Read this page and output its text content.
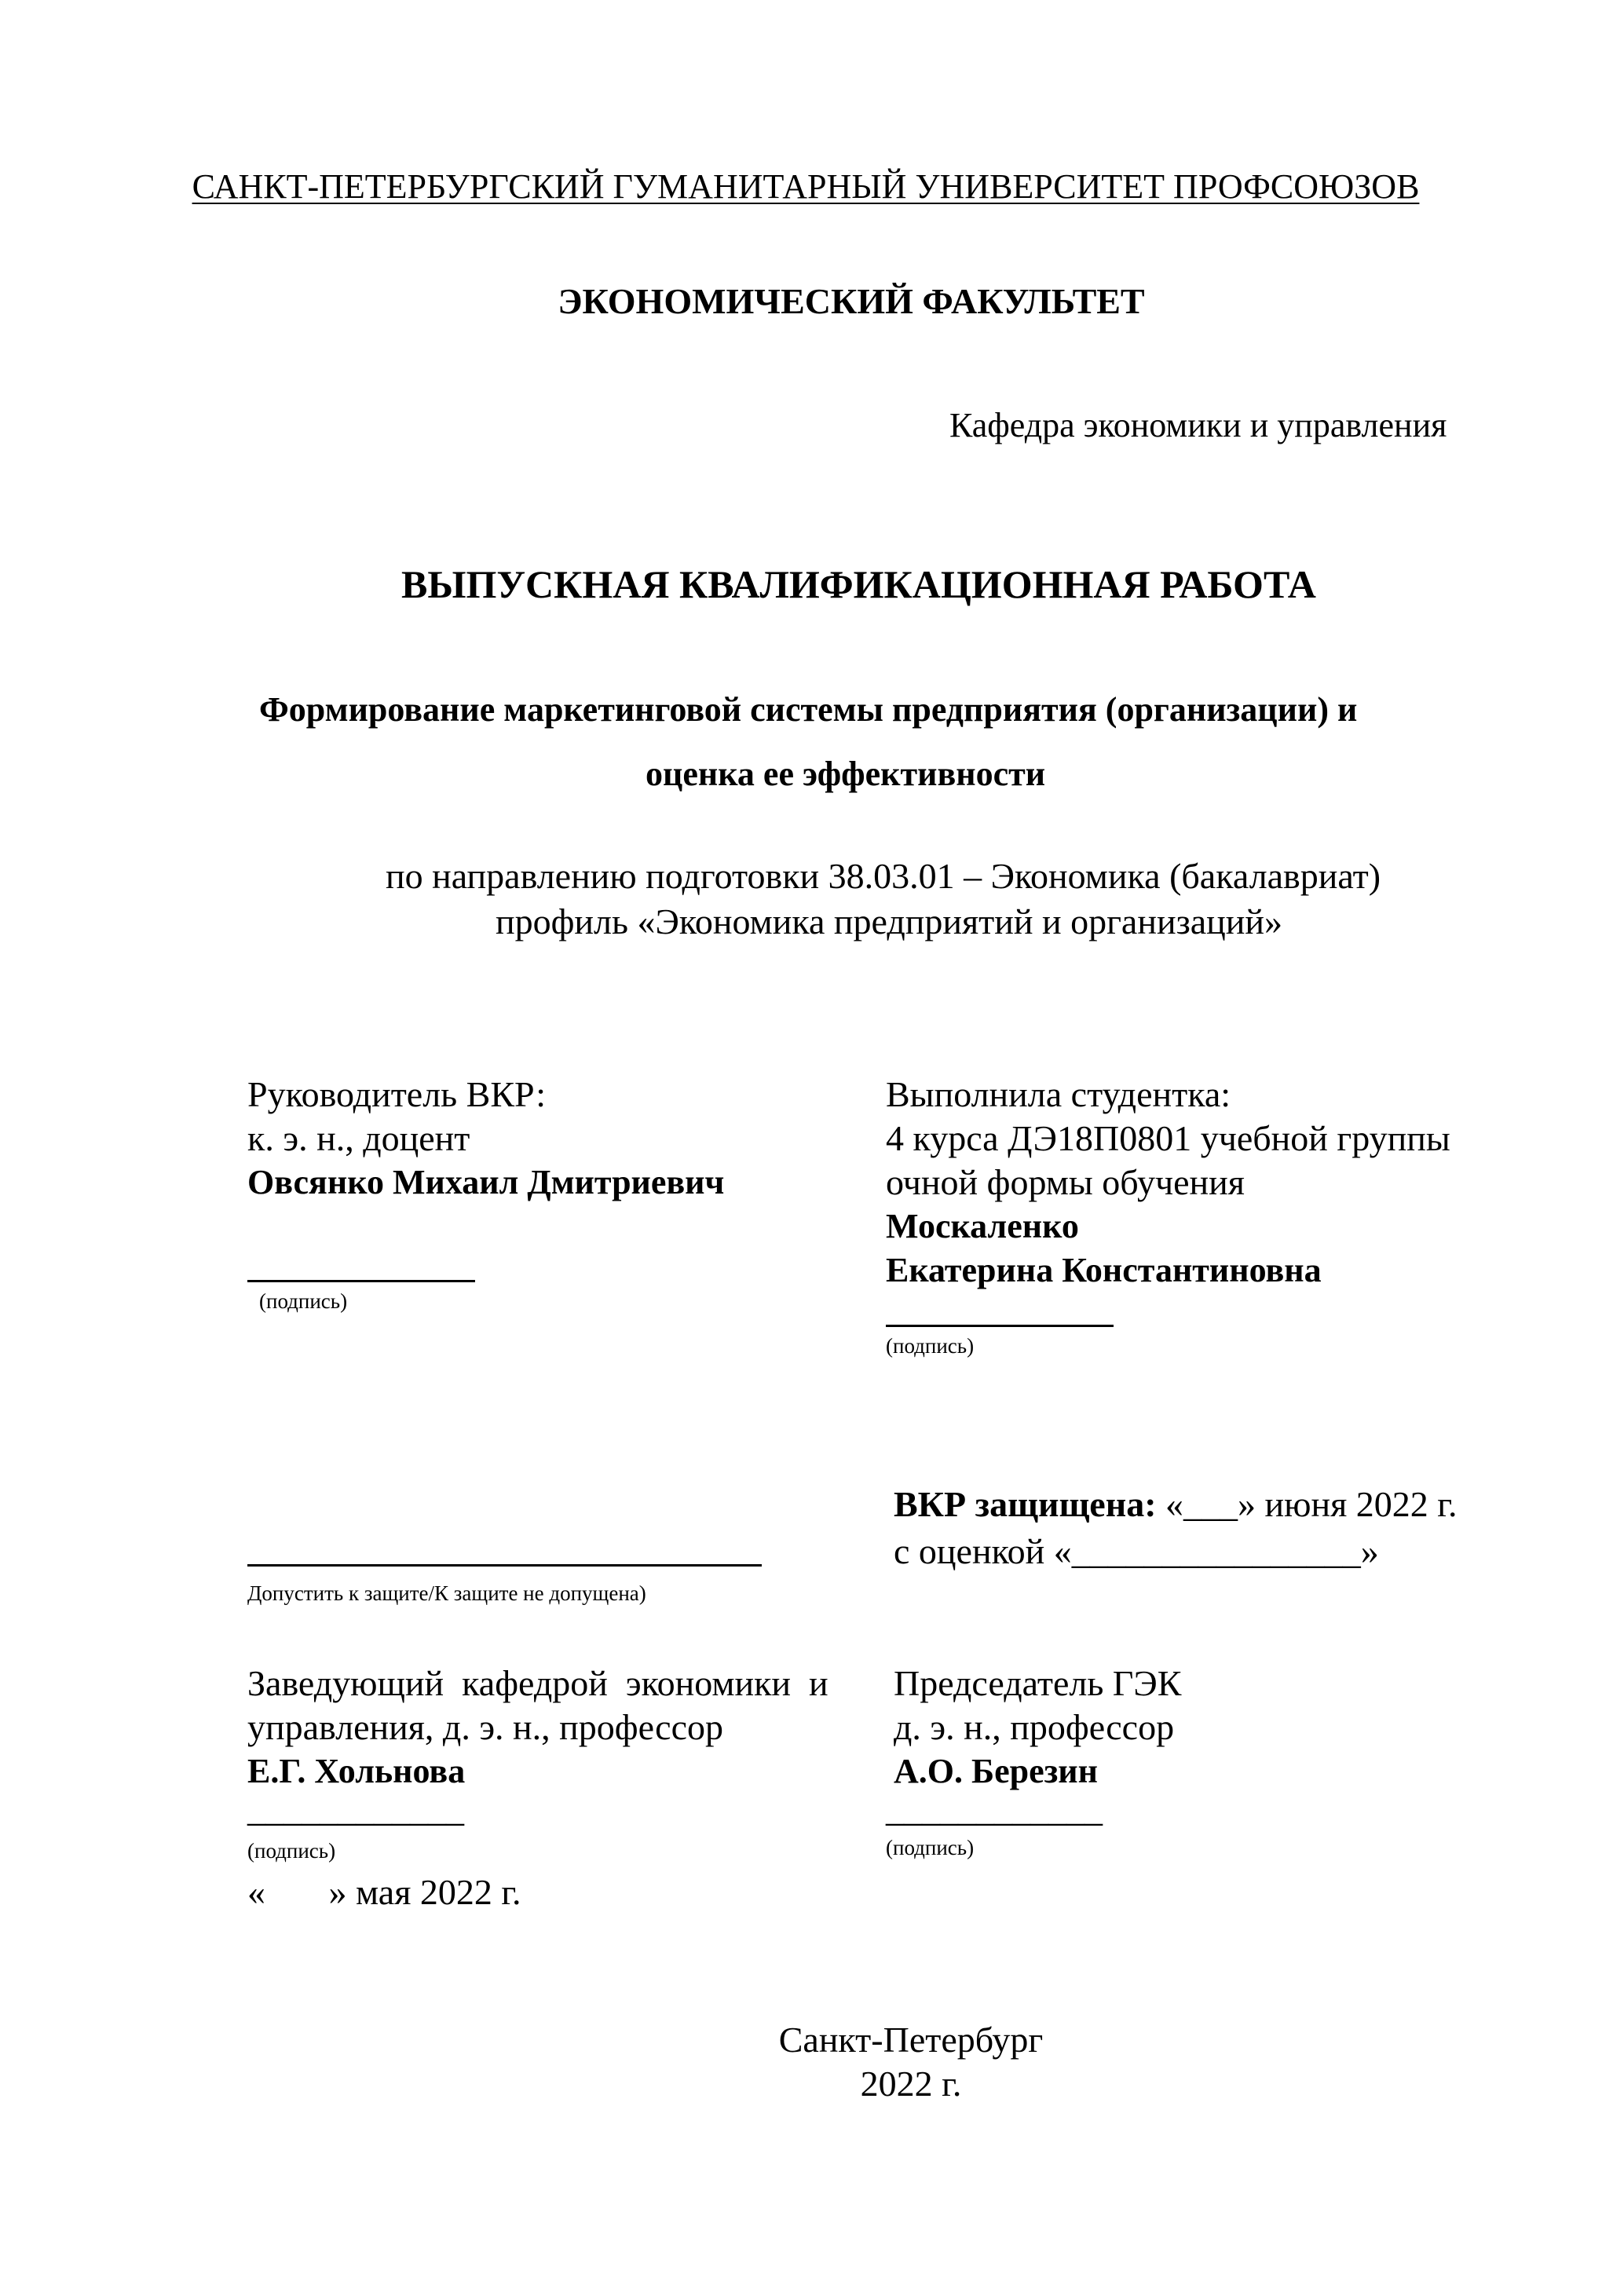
САНКТ-ПЕТЕРБУРГСКИЙ ГУМАНИТАРНЫЙ УНИВЕРСИТЕТ ПРОФСОЮЗОВ
ЭКОНОМИЧЕСКИЙ ФАКУЛЬТЕТ
Кафедра экономики и управления
ВЫПУСКНАЯ КВАЛИФИКАЦИОННАЯ РАБОТА
Формирование маркетинговой системы предприятия (организации) и
оценка ее эффективности
по направлению подготовки 38.03.01 – Экономика (бакалавриат)
профиль «Экономика предприятий и организаций»
Руководитель ВКР:
к. э. н., доцент
Овсянко Михаил Дмитриевич
(подпись)
Выполнила студентка:
4 курса ДЭ18П0801 учебной группы
очной формы обучения
Москаленко
Екатерина Константиновна
(подпись)
Допустить к защите/К защите не допущена)
ВКР защищена: «___» июня 2022 г.
с оценкой «________________»
Заведующий  кафедрой  экономики  и
управления, д. э. н., профессор
Е.Г. Хольнова
____________
(подпись)
«       » мая 2022 г.
Председатель ГЭК
д. э. н., профессор
А.О. Березин
____________
(подпись)
Санкт-Петербург
2022 г.
